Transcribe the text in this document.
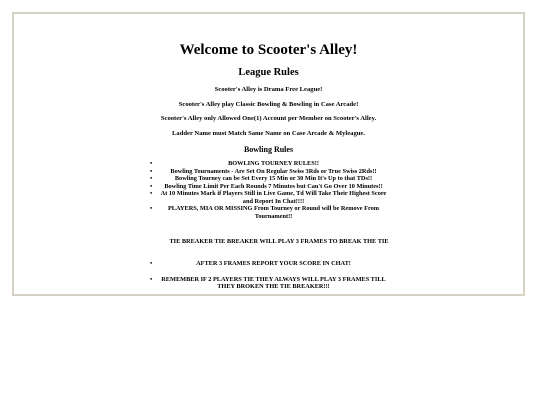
Welcome to Scooter's Alley!
League Rules
Scooter's Alley is Drama Free League!
Scooter's Alley play Classic Bowling & Bowling in Case Arcade!
Scooter's Alley only Allowed One(1) Account per Member on Scooter's Alley.
Ladder Name must Match Same Name on Case Arcade & Myleague.
Bowling Rules
• BOWLING TOURNEY RULES!!
• Bowling Tournaments - Are Set On Regular Swiss 3Rds or True Swiss 2Rds!!
• Bowling Tourney can be Set Every 15 Min or 30 Min It's Up to that TDs!!
• Bowling Time Limit Per Each Rounds 7 Minutes but Can't Go Over 10 Minutes!!
• At 10 Minutes Mark if Players Still in Live Game, Td Will Take Their Highest Score and Report In Chat!!!!
• PLAYERS, MIA OR MISSING From Tourney or Round will be Remove From Tournament!!
TIE BREAKER TIE BREAKER WILL PLAY 3 FRAMES TO BREAK THE TIE
• AFTER 3 FRAMES REPORT YOUR SCORE IN CHAT!
• REMEMBER IF 2 PLAYERS TIE THEY ALWAYS WILL PLAY 3 FRAMES TILL THEY BROKEN THE TIE BREAKER!!!
